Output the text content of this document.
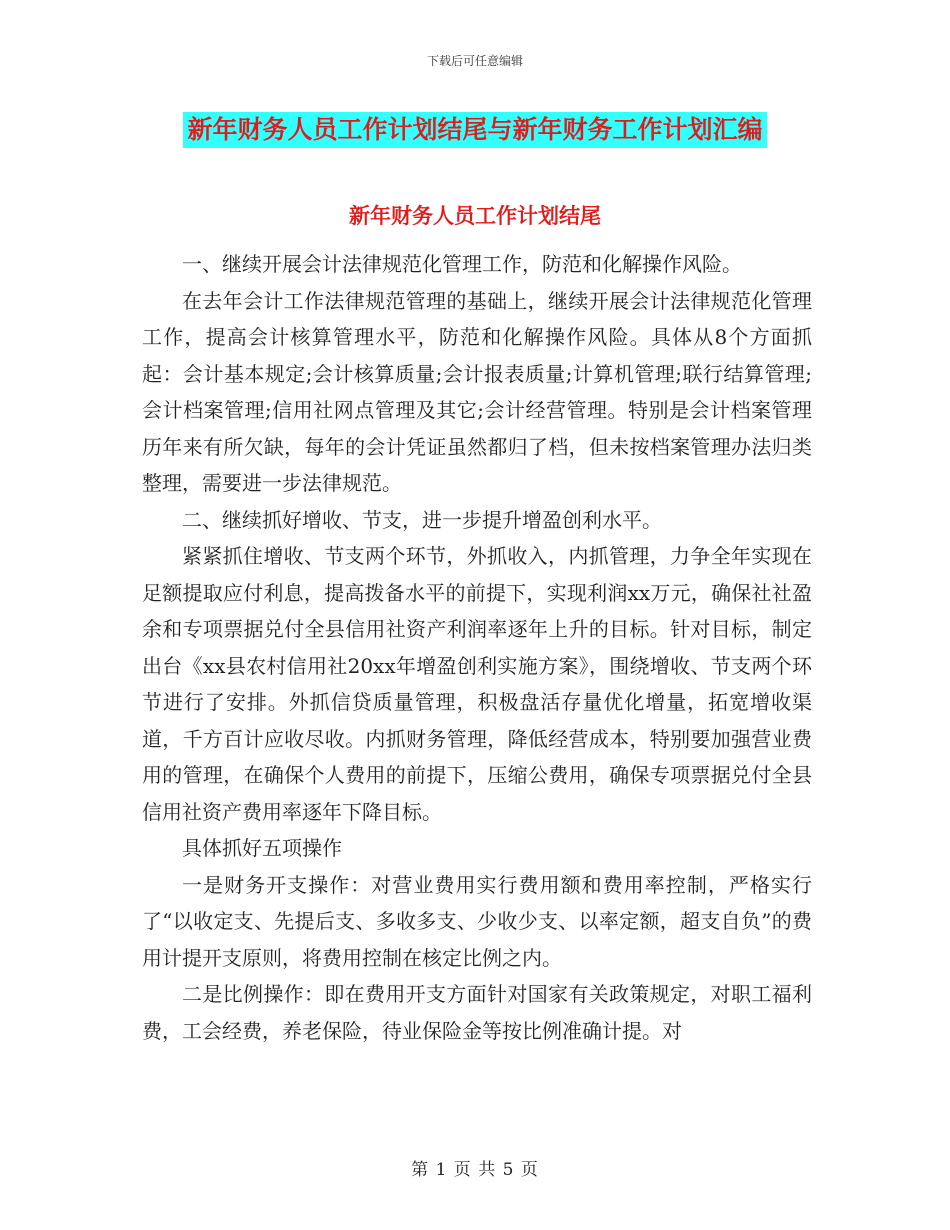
下载后可任意编辑
新年财务人员工作计划结尾与新年财务工作计划汇编
新年财务人员工作计划结尾

一、继续开展会计法律规范化管理工作，防范和化解操作风险。

在去年会计工作法律规范管理的基础上，继续开展会计法律规范化管理工作，提高会计核算管理水平，防范和化解操作风险。具体从8个方面抓起：会计基本规定;会计核算质量;会计报表质量;计算机管理;联行结算管理;会计档案管理;信用社网点管理及其它;会计经营管理。特别是会计档案管理历年来有所欠缺，每年的会计凭证虽然都归了档，但未按档案管理办法归类整理，需要进一步法律规范。

二、继续抓好增收、节支，进一步提升增盈创利水平。

紧紧抓住增收、节支两个环节，外抓收入，内抓管理，力争全年实现在足额提取应付利息，提高拨备水平的前提下，实现利润xx万元，确保社社盈余和专项票据兑付全县信用社资产利润率逐年上升的目标。针对目标，制定出台《xx县农村信用社20xx年增盈创利实施方案》，围绕增收、节支两个环节进行了安排。外抓信贷质量管理，积极盘活存量优化增量，拓宽增收渠道，千方百计应收尽收。内抓财务管理，降低经营成本，特别要加强营业费用的管理，在确保个人费用的前提下，压缩公费用，确保专项票据兑付全县信用社资产费用率逐年下降目标。

具体抓好五项操作

一是财务开支操作：对营业费用实行费用额和费用率控制，严格实行了“以收定支、先提后支、多收多支、少收少支、以率定额，超支自负”的费用计提开支原则，将费用控制在核定比例之内。

二是比例操作：即在费用开支方面针对国家有关政策规定，对职工福利费，工会经费，养老保险，待业保险金等按比例准确计提。对

第 1 页 共 5 页
